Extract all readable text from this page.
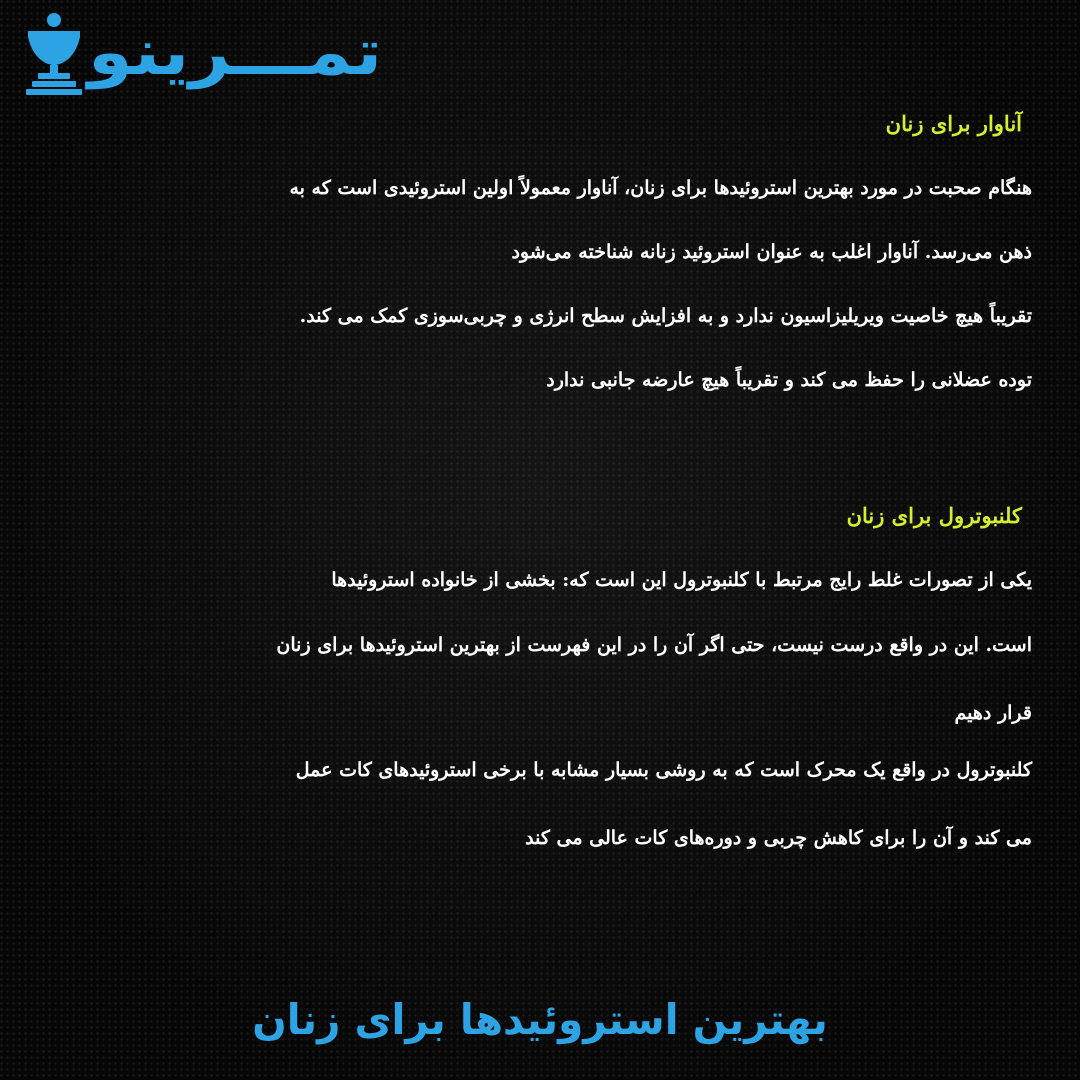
تمـــرینو
آناوار برای زنان

هنگام صحبت در مورد بهترین استروئیدها برای زنان، آناوار معمولاً اولین استروئیدی است که به

ذهن می‌رسد. آناوار اغلب به عنوان استروئید زنانه شناخته می‌شود

تقریباً هیچ خاصیت ویریلیزاسیون ندارد و به افزایش سطح انرژی و چربی‌سوزی کمک می کند.

توده عضلانی را حفظ می کند و تقریباً هیچ عارضه جانبی ندارد

کلنبوترول برای زنان

یکی از تصورات غلط رایج مرتبط با کلنبوترول این است که: بخشی از خانواده استروئیدها

است. این در واقع درست نیست، حتی اگر آن را در این فهرست از بهترین استروئیدها برای زنان

قرار دهیم

کلنبوترول در واقع یک محرک است که به روشی بسیار مشابه با برخی استروئیدهای کات عمل

می کند و آن را برای کاهش چربی و دوره‌های کات عالی می کند

بهترین استروئیدها برای زنان
